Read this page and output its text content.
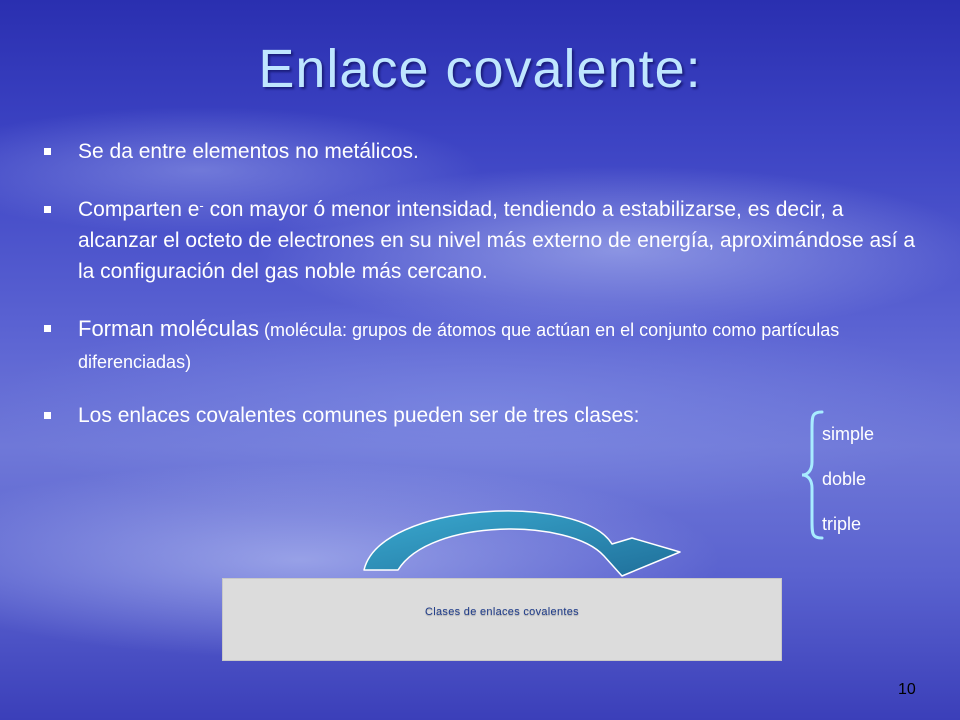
Enlace covalente:
Se da entre elementos no metálicos.
Comparten e- con mayor ó menor intensidad, tendiendo a estabilizarse, es decir, a alcanzar el octeto de electrones en su nivel más externo de energía, aproximándose así a la configuración del gas noble más cercano.
Forman moléculas (molécula: grupos de átomos que actúan en el conjunto como partículas diferenciadas)
Los enlaces covalentes comunes pueden ser de tres clases:
simple
doble
triple
Clases de enlaces covalentes
10
